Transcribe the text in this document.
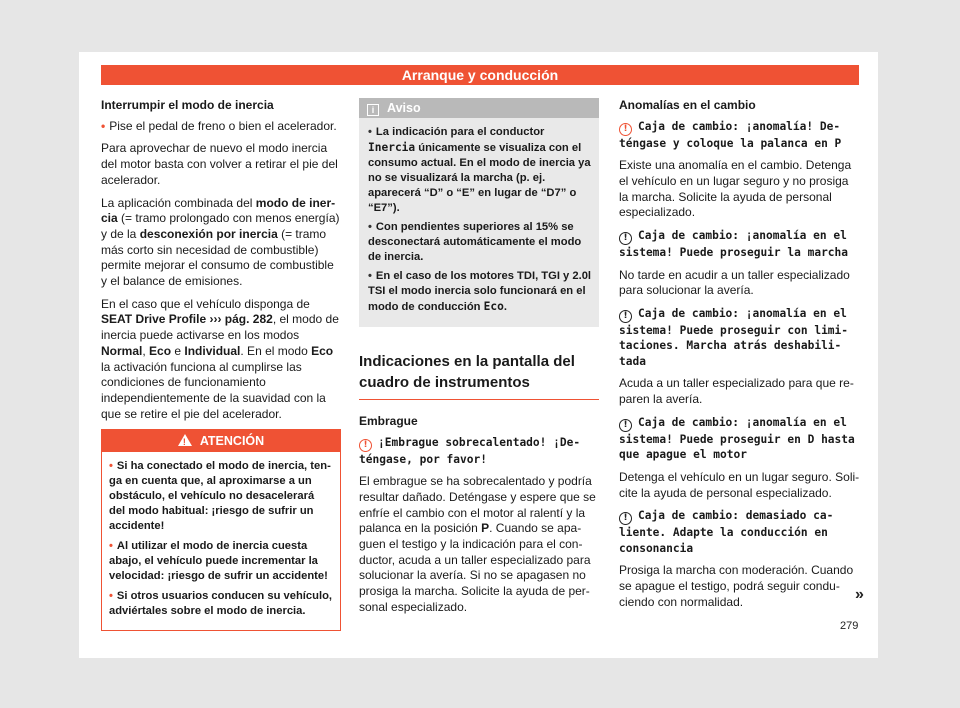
Arranque y conducción

Interrumpir el modo de inercia

• Pise el pedal de freno o bien el acelerador.

Para aprovechar de nuevo el modo inercia del motor basta con volver a retirar el pie del acelerador.

La aplicación combinada del modo de inercia (= tramo prolongado con menos energía) y de la desconexión por inercia (= tramo más corto sin necesidad de combustible) permite mejorar el consumo de combustible y el balance de emisiones.

En el caso que el vehículo disponga de SEAT Drive Profile ››› pág. 282, el modo de inercia puede activarse en los modos Normal, Eco e Individual. En el modo Eco la activación funciona al cumplirse las condiciones de funcionamiento independientemente de la suavidad con la que se retire el pie del acelerador.

!ATENCIÓN

• Si ha conectado el modo de inercia, tenga en cuenta que, al aproximarse a un obstáculo, el vehículo no desacelerará del modo habitual: ¡riesgo de sufrir un accidente!

• Al utilizar el modo de inercia cuesta abajo, el vehículo puede incrementar la velocidad: ¡riesgo de sufrir un accidente!

• Si otros usuarios conducen su vehículo, adviértales sobre el modo de inercia.

i Aviso

• La indicación para el conductor Inercia únicamente se visualiza con el consumo actual. En el modo de inercia ya no se visualizará la marcha (p. ej. aparecerá “D” o “E” en lugar de “D7” o “E7”).

• Con pendientes superiores al 15% se desconectará automáticamente el modo de inercia.

• En el caso de los motores TDI, TGI y 2.0l TSI el modo inercia solo funcionará en el modo de conducción Eco.

Indicaciones en la pantalla del cuadro de instrumentos

Embrague

! ¡Embrague sobrecalentado! ¡Deténgase, por favor!

El embrague se ha sobrecalentado y podría resultar dañado. Deténgase y espere que se enfríe el cambio con el motor al ralentí y la palanca en la posición P. Cuando se apaguen el testigo y la indicación para el conductor, acuda a un taller especializado para solucionar la avería. Si no se apagasen no prosiga la marcha. Solicite la ayuda de personal especializado.

Anomalías en el cambio

! Caja de cambio: ¡anomalía! Deténgase y coloque la palanca en P

Existe una anomalía en el cambio. Detenga el vehículo en un lugar seguro y no prosiga la marcha. Solicite la ayuda de personal especializado.

! Caja de cambio: ¡anomalía en el sistema! Puede proseguir la marcha

No tarde en acudir a un taller especializado para solucionar la avería.

! Caja de cambio: ¡anomalía en el sistema! Puede proseguir con limitaciones. Marcha atrás deshabilitada

Acuda a un taller especializado para que reparen la avería.

! Caja de cambio: ¡anomalía en el sistema! Puede proseguir en D hasta que apague el motor

Detenga el vehículo en un lugar seguro. Solicite la ayuda de personal especializado.

! Caja de cambio: demasiado caliente. Adapte la conducción en consonancia

Prosiga la marcha con moderación. Cuando se apague el testigo, podrá seguir conduciendo con normalidad.	»
279
